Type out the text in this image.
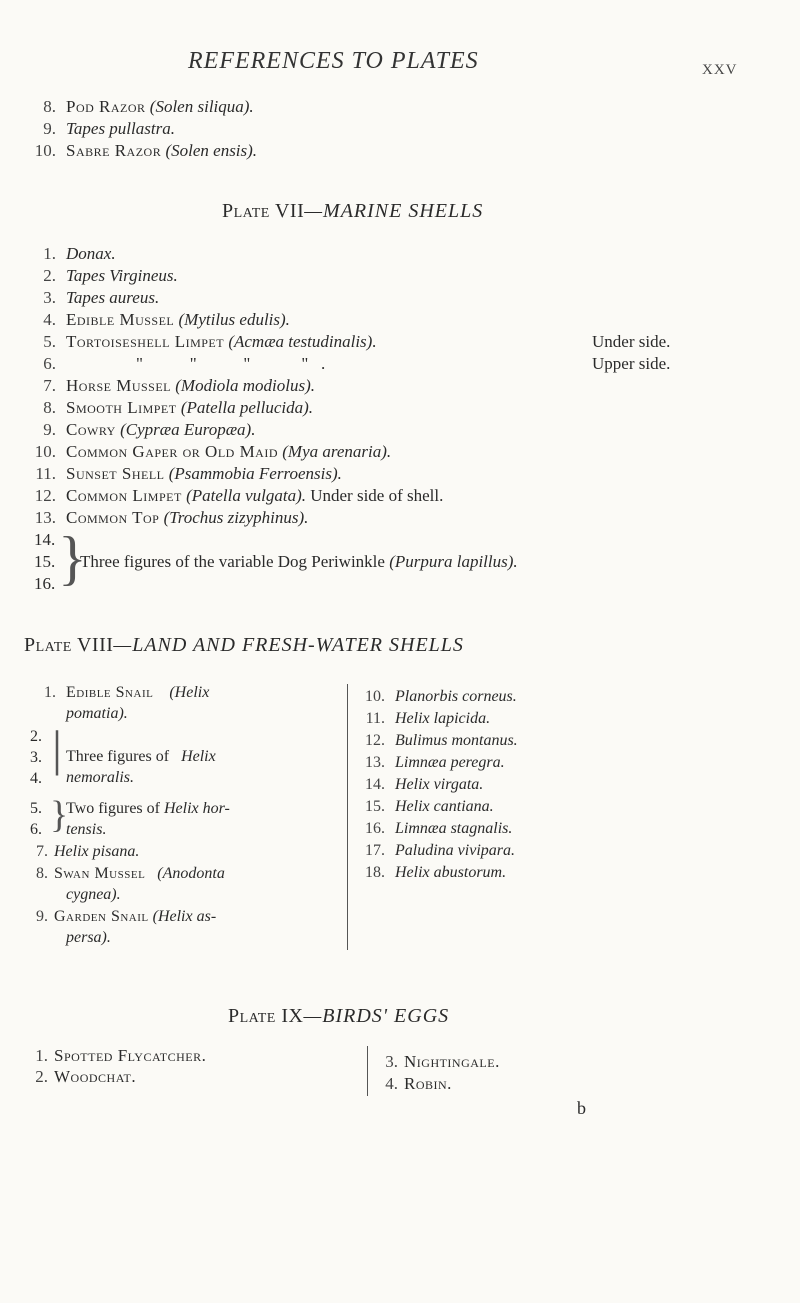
REFERENCES TO PLATES	XXV
8. Pod Razor (Solen siliqua).
9. Tapes pullastra.
10. Sabre Razor (Solen ensis).
Plate VII—MARINE SHELLS
1. Donax.
2. Tapes Virgineus.
3. Tapes aureus.
4. Edible Mussel (Mytilus edulis).
5. Tortoiseshell Limpet (Acmæa testudinalis).	Under side.
6.	"           "           "            "   .	Upper side.
7. Horse Mussel (Modiola modiolus).
8. Smooth Limpet (Patella pellucida).
9. Cowry (Cypræa Europæa).
10. Common Gaper or Old Maid (Mya arenaria).
11. Sunset Shell (Psammobia Ferroensis).
12. Common Limpet (Patella vulgata). Under side of shell.
13. Common Top (Trochus zizyphinus).
14.
15.
16. }
Three figures of the variable Dog Periwinkle (Purpura lapillus).
Plate VIII—LAND AND FRESH-WATER SHELLS
1. Edible Snail (Helix
pomatia).
2.
3.
4.
| Three figures of Helix
nemoralis.
5.
6. }
Two figures of Helix hor-
tensis.
7. Helix pisana.
8. Swan Mussel (Anodonta
cygnea).
9. Garden Snail (Helix as-
persa).
10. Planorbis corneus.
11. Helix lapicida.
12. Bulimus montanus.
13. Limnæa peregra.
14. Helix virgata.
15. Helix cantiana.
16. Limnæa stagnalis.
17. Paludina vivipara.
18. Helix abustorum.
Plate IX—BIRDS' EGGS
1. Spotted Flycatcher.
2. Woodchat.
3. Nightingale.
4. Robin.
b
